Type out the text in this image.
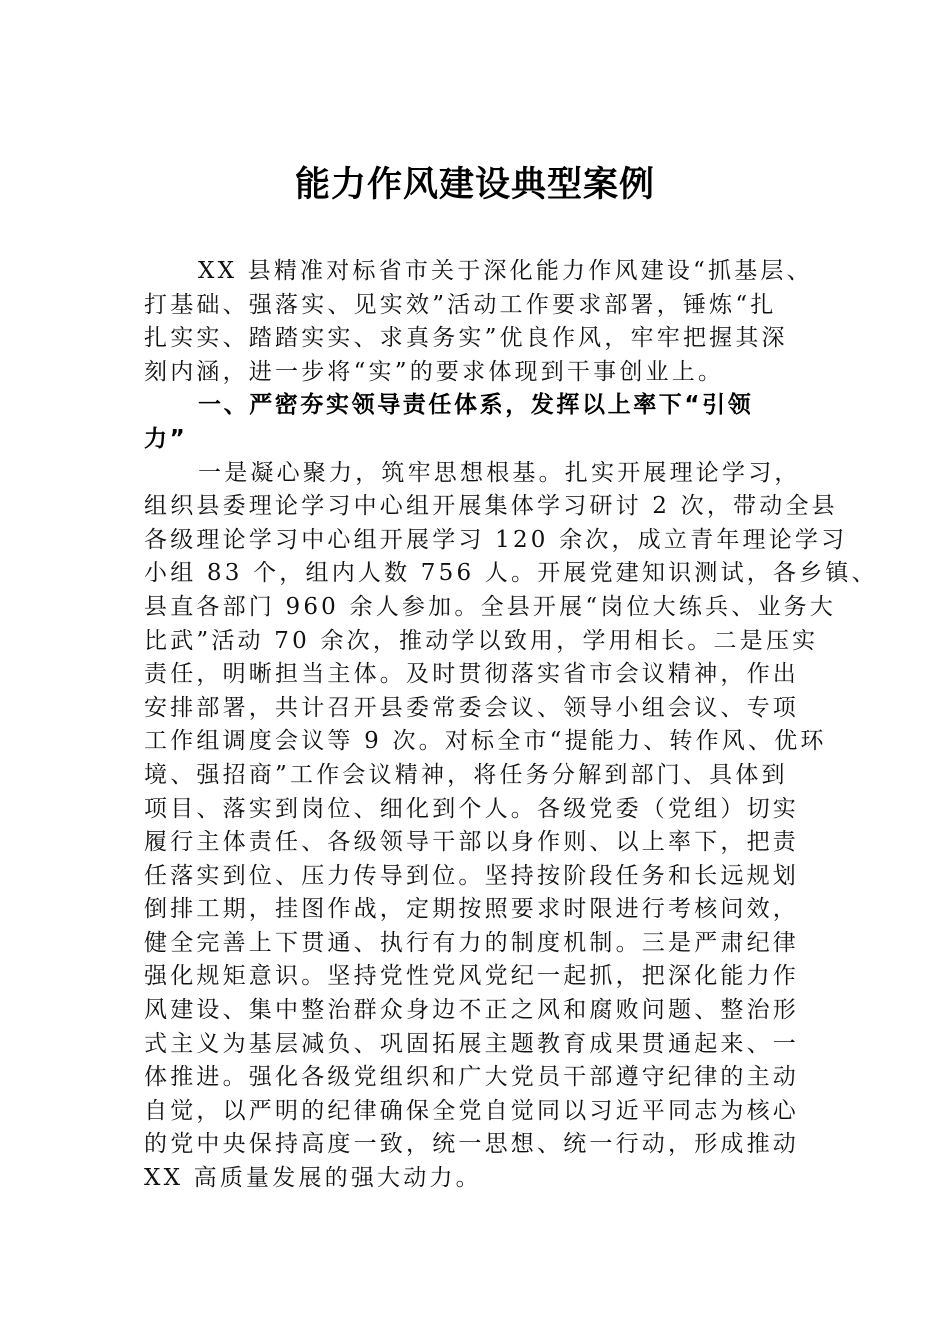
能力作风建设典型案例
XX 县精准对标省市关于深化能力作风建设“抓基层、
打基础、强落实、见实效”活动工作要求部署，锤炼“扎
扎实实、踏踏实实、求真务实”优良作风，牢牢把握其深
刻内涵，进一步将“实”的要求体现到干事创业上。
一、严密夯实领导责任体系，发挥以上率下“引领
力”
一是凝心聚力，筑牢思想根基。扎实开展理论学习，
组织县委理论学习中心组开展集体学习研讨 2 次，带动全县
各级理论学习中心组开展学习 120 余次，成立青年理论学习
小组 83 个，组内人数 756 人。开展党建知识测试，各乡镇、
县直各部门 960 余人参加。全县开展“岗位大练兵、业务大
比武”活动 70 余次，推动学以致用，学用相长。二是压实
责任，明晰担当主体。及时贯彻落实省市会议精神，作出
安排部署，共计召开县委常委会议、领导小组会议、专项
工作组调度会议等 9 次。对标全市“提能力、转作风、优环
境、强招商”工作会议精神，将任务分解到部门、具体到
项目、落实到岗位、细化到个人。各级党委（党组）切实
履行主体责任、各级领导干部以身作则、以上率下，把责
任落实到位、压力传导到位。坚持按阶段任务和长远规划
倒排工期，挂图作战，定期按照要求时限进行考核问效，
健全完善上下贯通、执行有力的制度机制。三是严肃纪律
强化规矩意识。坚持党性党风党纪一起抓，把深化能力作
风建设、集中整治群众身边不正之风和腐败问题、整治形
式主义为基层减负、巩固拓展主题教育成果贯通起来、一
体推进。强化各级党组织和广大党员干部遵守纪律的主动
自觉，以严明的纪律确保全党自觉同以习近平同志为核心
的党中央保持高度一致，统一思想、统一行动，形成推动
XX 高质量发展的强大动力。
